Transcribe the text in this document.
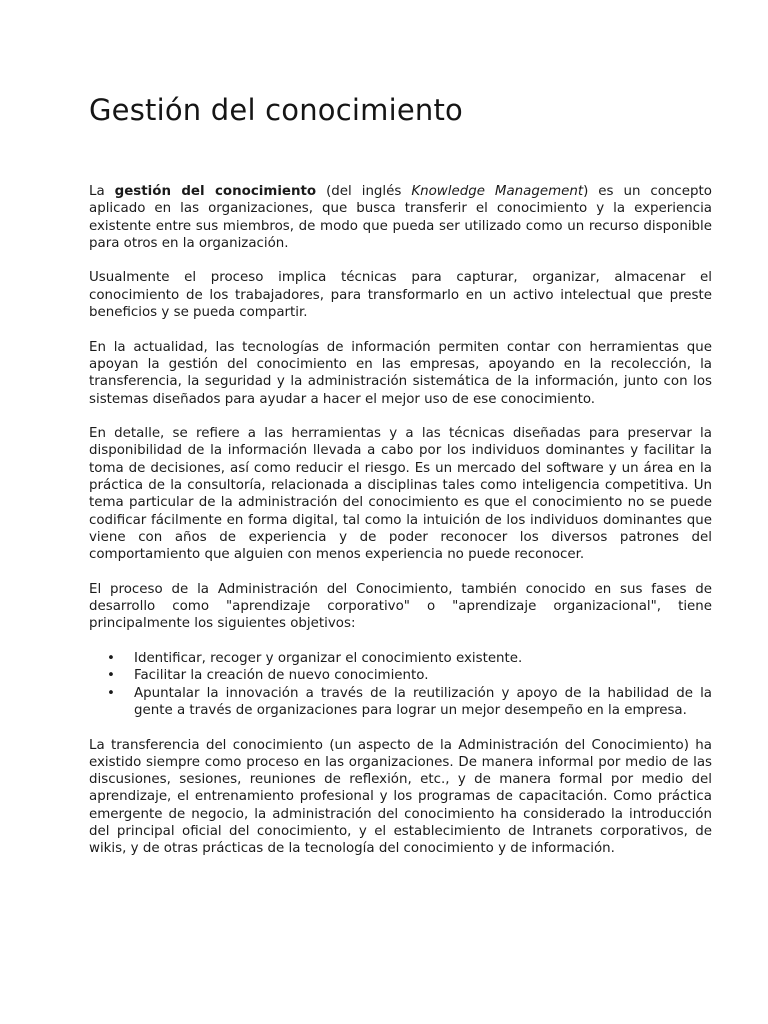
Gestión del conocimiento

La gestión del conocimiento (del inglés Knowledge Management) es un concepto aplicado en las organizaciones, que busca transferir el conocimiento y la experiencia existente entre sus miembros, de modo que pueda ser utilizado como un recurso disponible para otros en la organización.

Usualmente el proceso implica técnicas para capturar, organizar, almacenar el conocimiento de los trabajadores, para transformarlo en un activo intelectual que preste beneficios y se pueda compartir.

En la actualidad, las tecnologías de información permiten contar con herramientas que apoyan la gestión del conocimiento en las empresas, apoyando en la recolección, la transferencia, la seguridad y la administración sistemática de la información, junto con los sistemas diseñados para ayudar a hacer el mejor uso de ese conocimiento.

En detalle, se refiere a las herramientas y a las técnicas diseñadas para preservar la disponibilidad de la información llevada a cabo por los individuos dominantes y facilitar la toma de decisiones, así como reducir el riesgo. Es un mercado del software y un área en la práctica de la consultoría, relacionada a disciplinas tales como inteligencia competitiva. Un tema particular de la administración del conocimiento es que el conocimiento no se puede codificar fácilmente en forma digital, tal como la intuición de los individuos dominantes que viene con años de experiencia y de poder reconocer los diversos patrones del comportamiento que alguien con menos experiencia no puede reconocer.

El proceso de la Administración del Conocimiento, también conocido en sus fases de desarrollo como "aprendizaje corporativo" o "aprendizaje organizacional", tiene principalmente los siguientes objetivos:

• Identificar, recoger y organizar el conocimiento existente.
• Facilitar la creación de nuevo conocimiento.
• Apuntalar la innovación a través de la reutilización y apoyo de la habilidad de la gente a través de organizaciones para lograr un mejor desempeño en la empresa.

La transferencia del conocimiento (un aspecto de la Administración del Conocimiento) ha existido siempre como proceso en las organizaciones. De manera informal por medio de las discusiones, sesiones, reuniones de reflexión, etc., y de manera formal por medio del aprendizaje, el entrenamiento profesional y los programas de capacitación. Como práctica emergente de negocio, la administración del conocimiento ha considerado la introducción del principal oficial del conocimiento, y el establecimiento de Intranets corporativos, de wikis, y de otras prácticas de la tecnología del conocimiento y de información.
